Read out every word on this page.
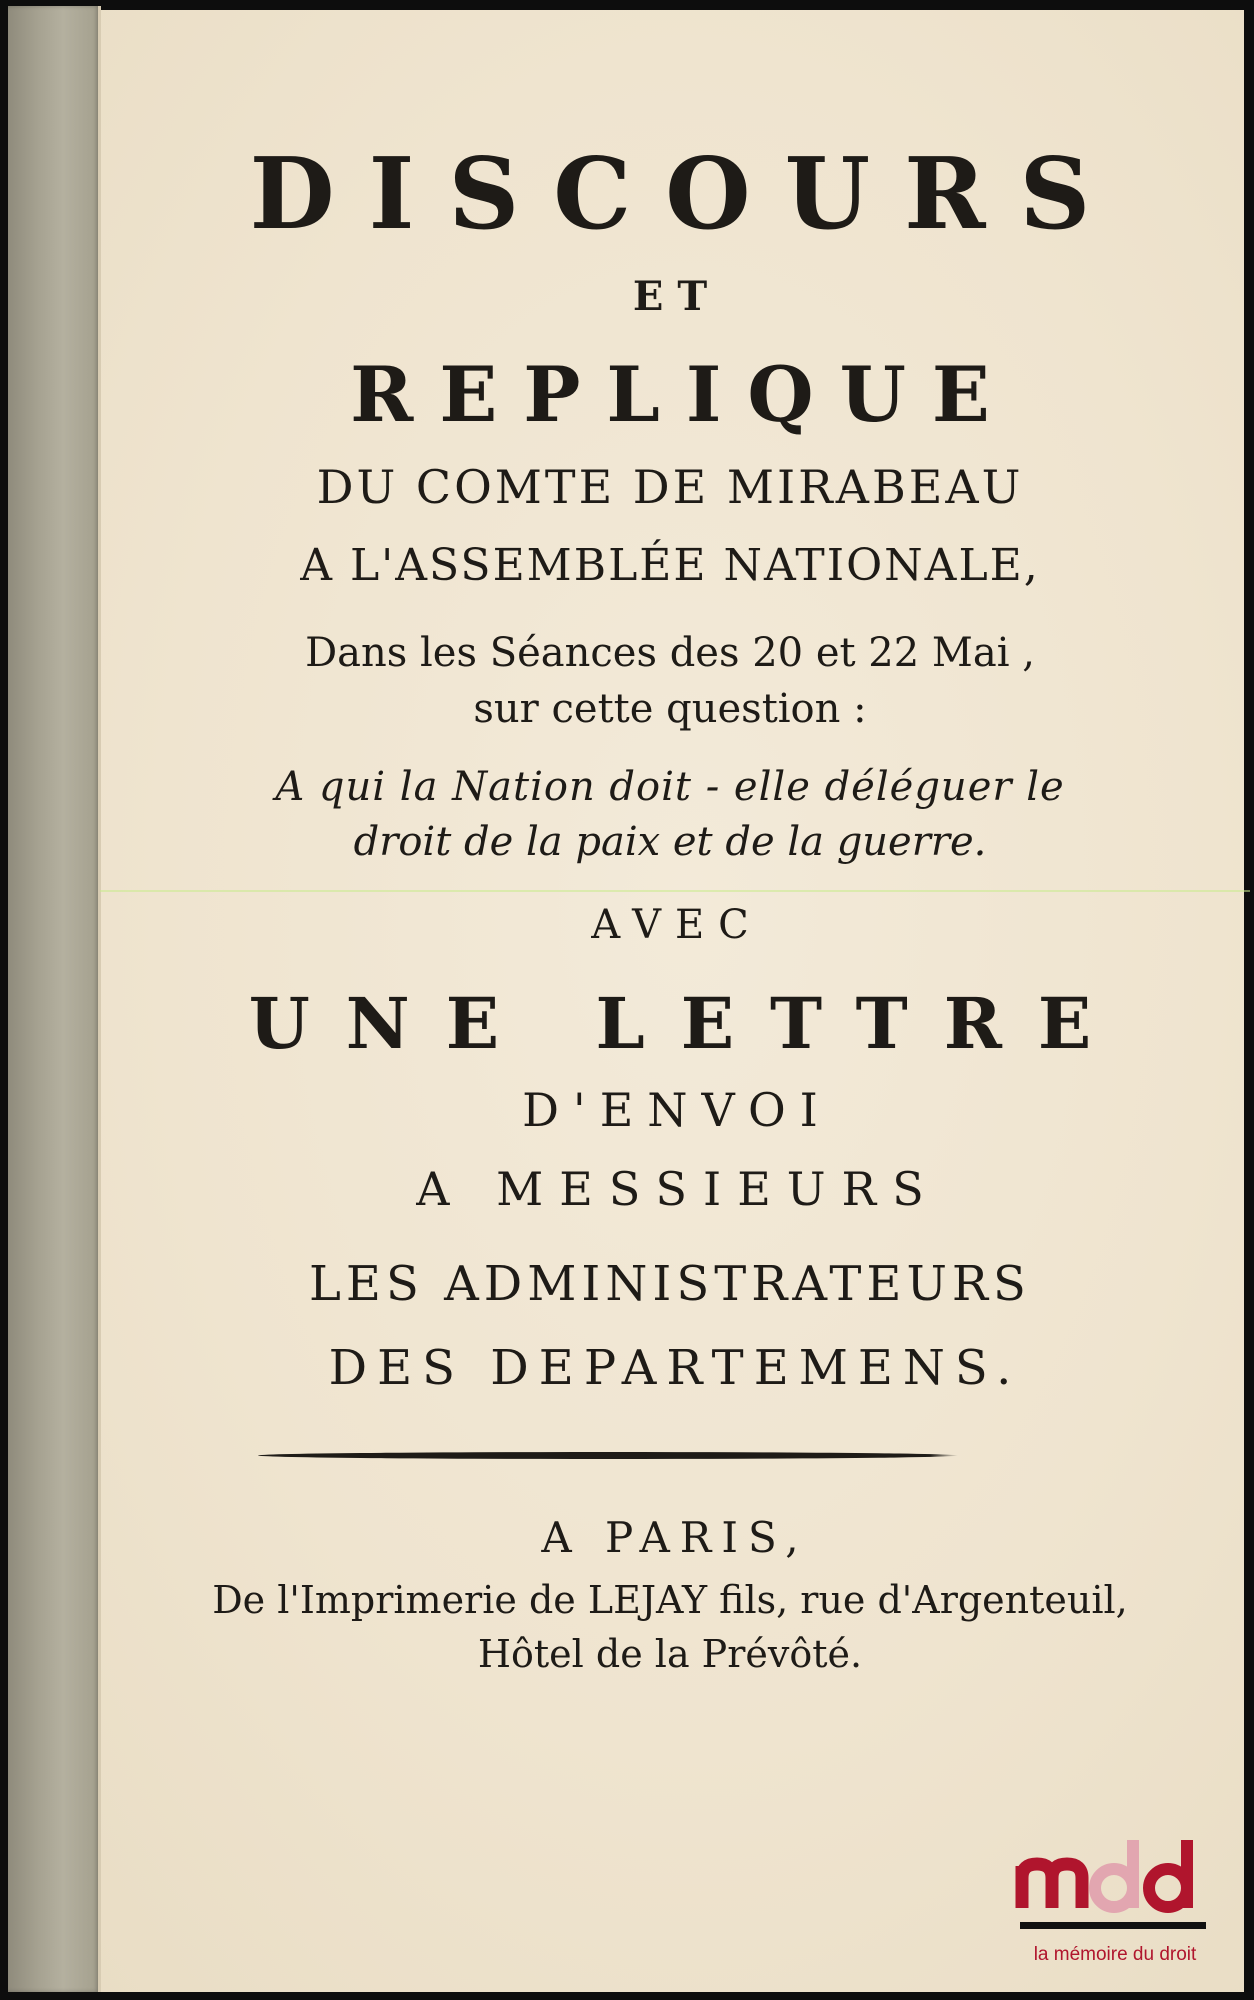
DISCOURS
ET
REPLIQUE
DU COMTE DE MIRABEAU
A L'ASSEMBLÉE NATIONALE,
Dans les Séances des 20 et 22 Mai ,
sur cette question :
A qui la Nation doit - elle déléguer le
droit de la paix et de la guerre.
AVEC
UNE LETTRE
D'ENVOI
A MESSIEURS
LES ADMINISTRATEURS
DES DEPARTEMENS.
A PARIS,
De l'Imprimerie de LEJAY fils, rue d'Argenteuil,
Hôtel de la Prévôté.
la mémoire du droit
